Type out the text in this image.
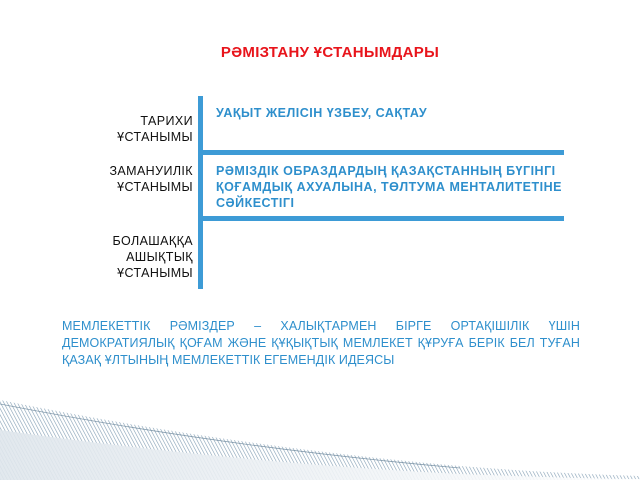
РӘМІЗТАНУ ҰСТАНЫМДАРЫ
ТАРИХИ ҰСТАНЫМЫ
ЗАМАНУИЛІК ҰСТАНЫМЫ
БОЛАШАҚҚА АШЫҚТЫҚ ҰСТАНЫМЫ
УАҚЫТ ЖЕЛІСІН ҮЗБЕУ, САҚТАУ
РӘМІЗДІК ОБРАЗДАРДЫҢ ҚАЗАҚСТАННЫҢ БҮГІНГІ ҚОҒАМДЫҚ АХУАЛЫНА, ТӨЛТУМА МЕНТАЛИТЕТІНЕ СӘЙКЕСТІГІ
МЕМЛЕКЕТТІК РӘМІЗДЕР – ХАЛЫҚТАРМЕН БІРГЕ ОРТАҚІШІЛІК ҮШІН ДЕМОКРАТИЯЛЫҚ ҚОҒАМ ЖӘНЕ ҚҰҚЫҚТЫҚ МЕМЛЕКЕТ ҚҰРУҒА БЕРІК БЕЛ ТУҒАН ҚАЗАҚ ҰЛТЫНЫҢ МЕМЛЕКЕТТІК ЕГЕМЕНДІК ИДЕЯСЫ
